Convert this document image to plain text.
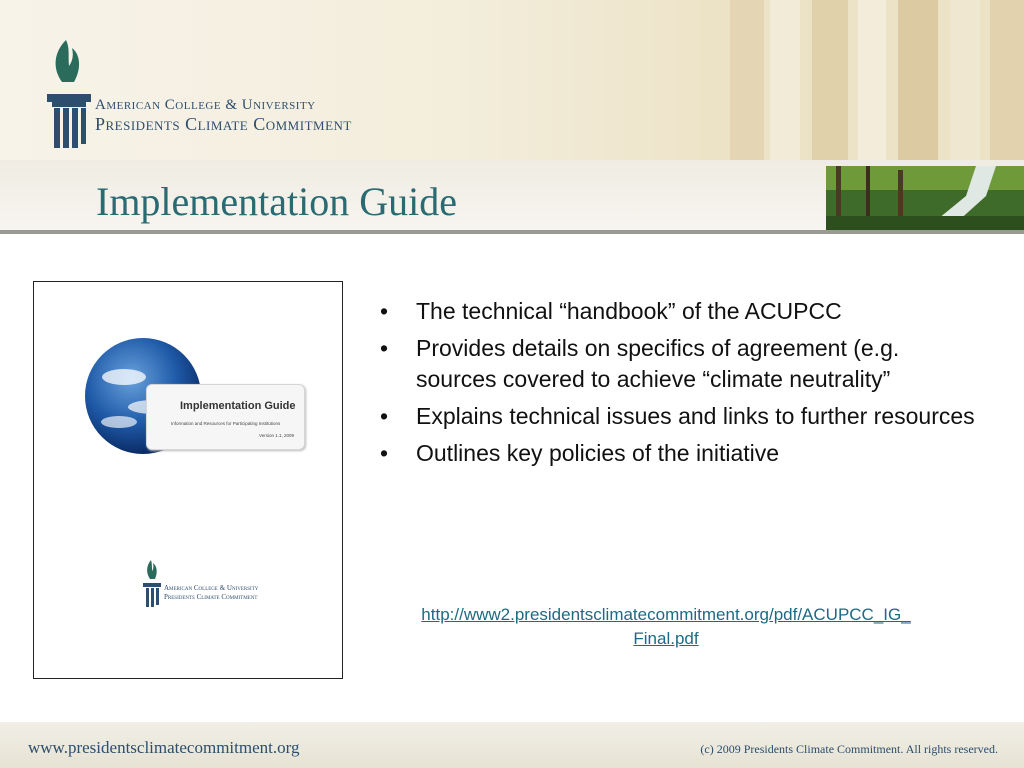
American College & University
Presidents Climate Commitment
Implementation Guide
Implementation Guide
Information and Resources for Participating Institutions
Version 1.1, 2009
American College & University
Presidents Climate Commitment
• The technical “handbook” of the ACUPCC
• Provides details on specifics of agreement (e.g. sources covered to achieve “climate neutrality”
• Explains technical issues and links to further resources
• Outlines key policies of the initiative
http://www2.presidentsclimatecommitment.org/pdf/ACUPCC_IG_
Final.pdf
www.presidentsclimatecommitment.org	(c) 2009 Presidents Climate Commitment. All rights reserved.
